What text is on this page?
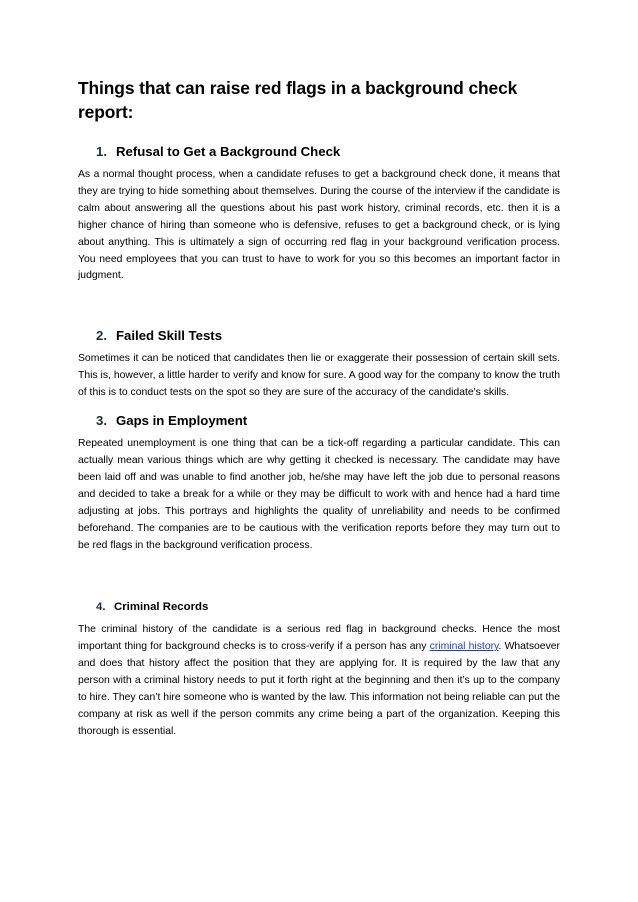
Things that can raise red flags in a background check report:
1. Refusal to Get a Background Check

As a normal thought process, when a candidate refuses to get a background check done, it means that they are trying to hide something about themselves. During the course of the interview if the candidate is calm about answering all the questions about his past work history, criminal records, etc. then it is a higher chance of hiring than someone who is defensive, refuses to get a background check, or is lying about anything. This is ultimately a sign of occurring red flag in your background verification process. You need employees that you can trust to have to work for you so this becomes an important factor in judgment.

2. Failed Skill Tests

Sometimes it can be noticed that candidates then lie or exaggerate their possession of certain skill sets. This is, however, a little harder to verify and know for sure. A good way for the company to know the truth of this is to conduct tests on the spot so they are sure of the accuracy of the candidate's skills.

3. Gaps in Employment

Repeated unemployment is one thing that can be a tick-off regarding a particular candidate. This can actually mean various things which are why getting it checked is necessary. The candidate may have been laid off and was unable to find another job, he/she may have left the job due to personal reasons and decided to take a break for a while or they may be difficult to work with and hence had a hard time adjusting at jobs. This portrays and highlights the quality of unreliability and needs to be confirmed beforehand. The companies are to be cautious with the verification reports before they may turn out to be red flags in the background verification process.

4. Criminal Records

The criminal history of the candidate is a serious red flag in background checks. Hence the most important thing for background checks is to cross-verify if a person has any criminal history. Whatsoever and does that history affect the position that they are applying for. It is required by the law that any person with a criminal history needs to put it forth right at the beginning and then it’s up to the company to hire. They can’t hire someone who is wanted by the law. This information not being reliable can put the company at risk as well if the person commits any crime being a part of the organization. Keeping this thorough is essential.
